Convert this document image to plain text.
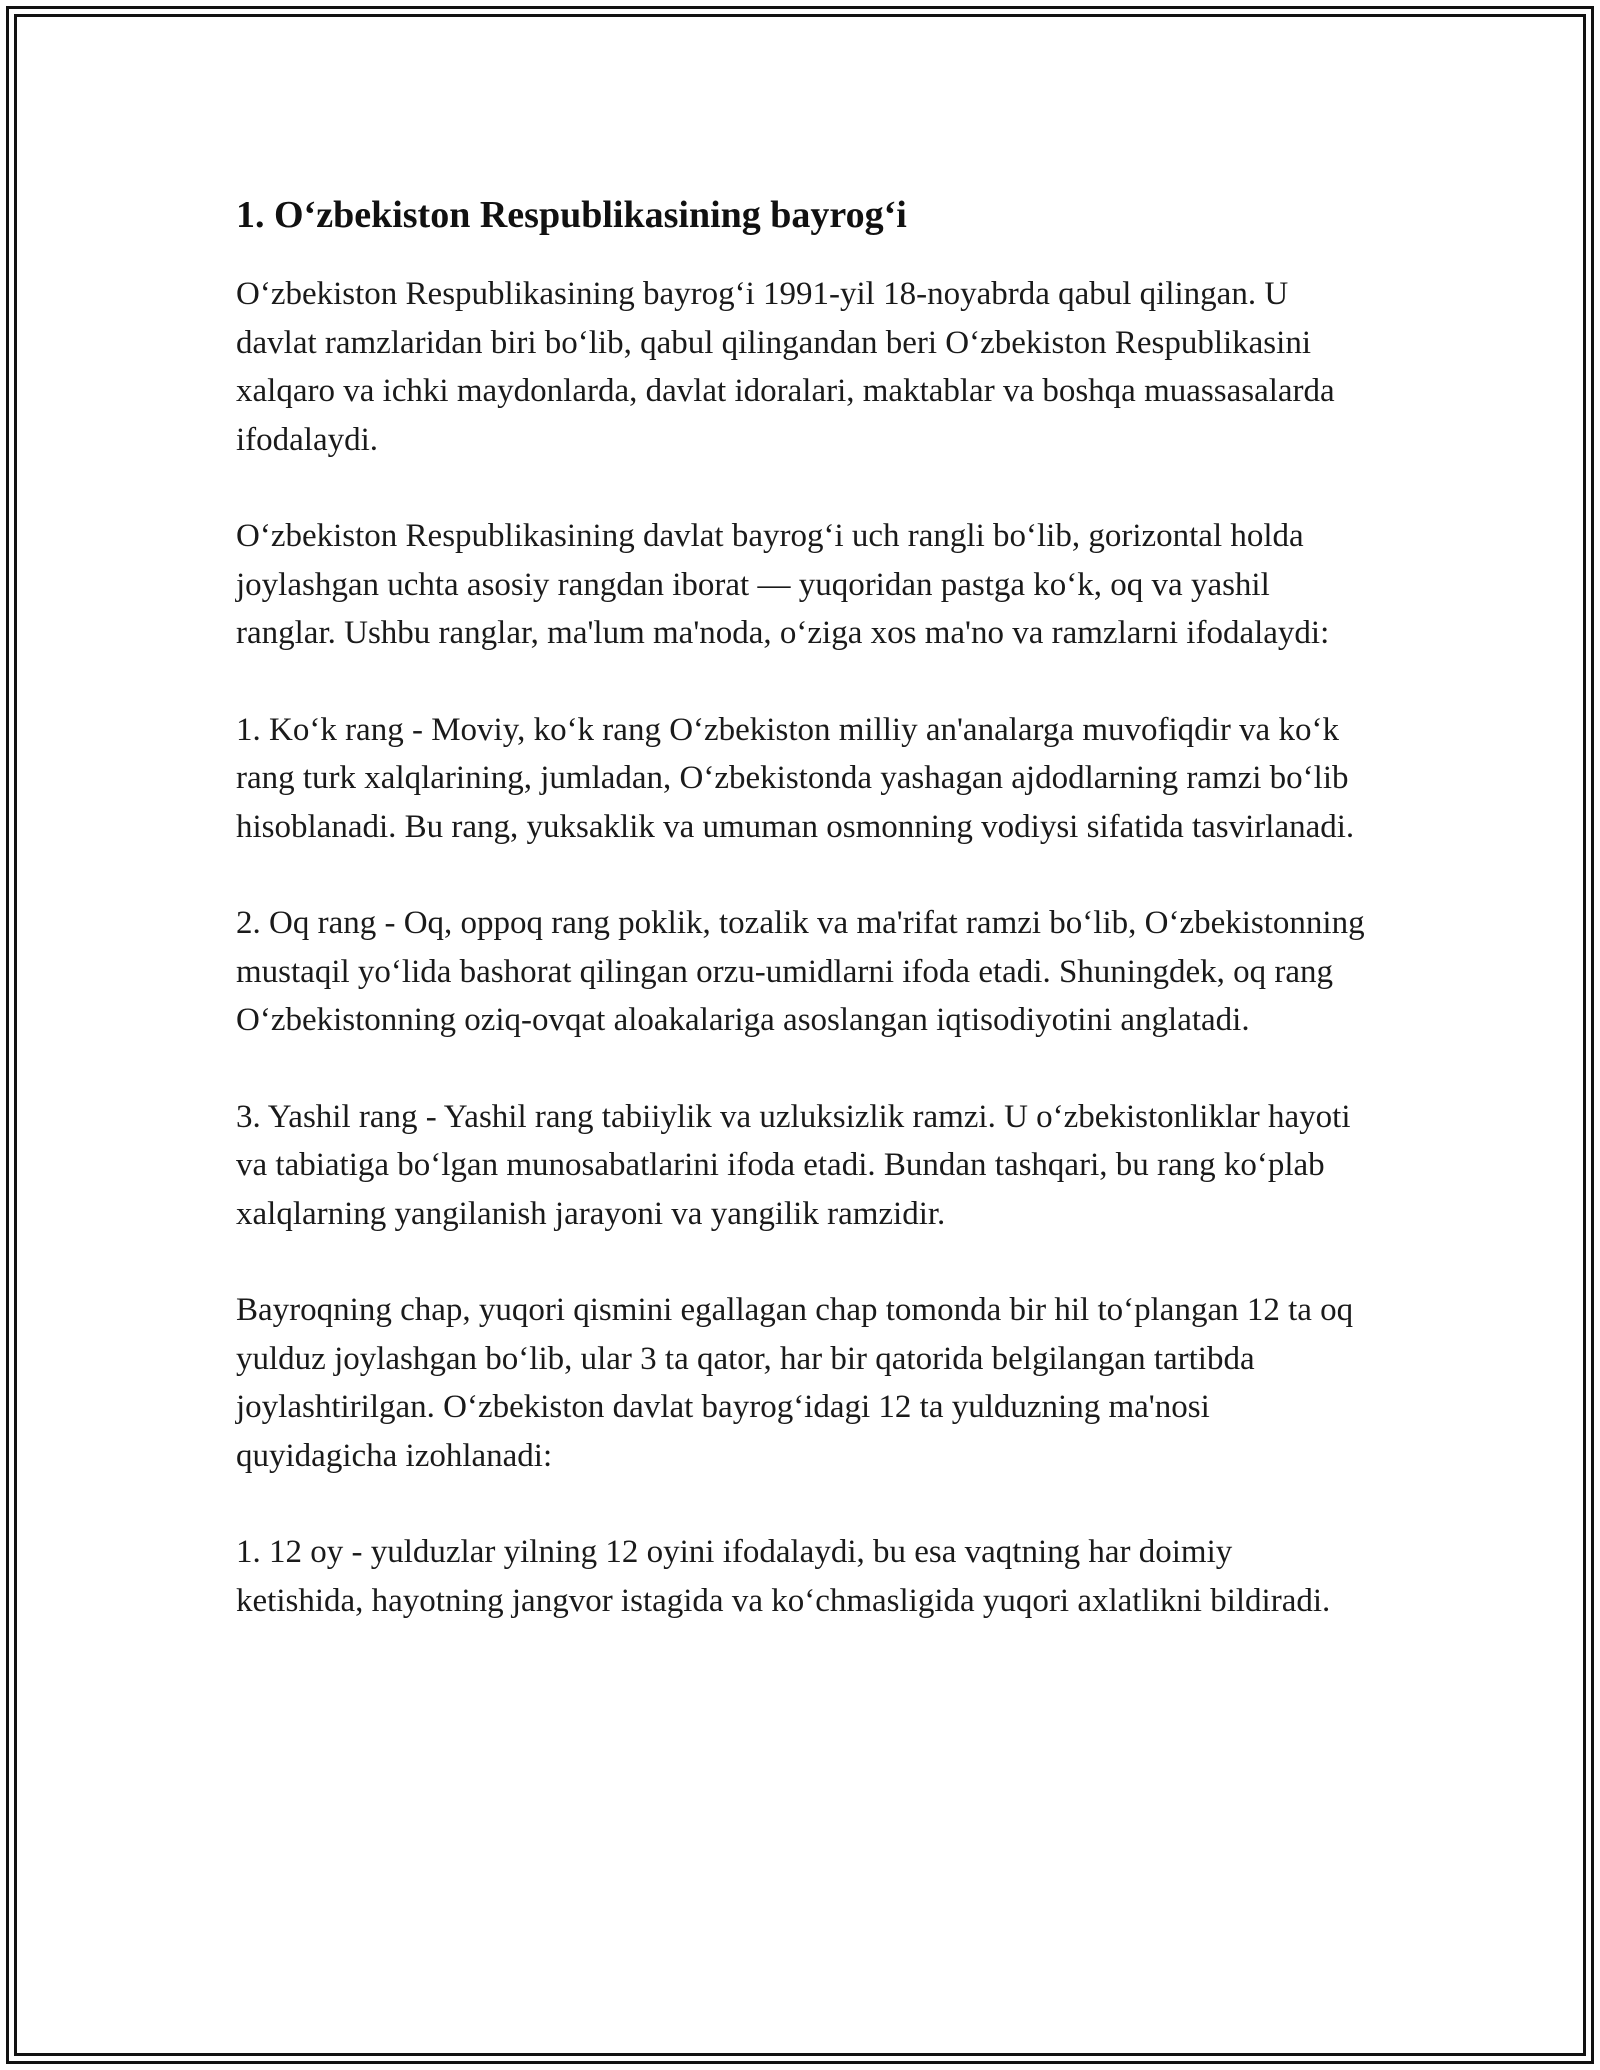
1. O‘zbekiston Respublikasining bayrog‘i

O‘zbekiston Respublikasining bayrog‘i 1991-yil 18-noyabrda qabul qilingan. U davlat ramzlaridan biri bo‘lib, qabul qilingandan beri O‘zbekiston Respublikasini xalqaro va ichki maydonlarda, davlat idoralari, maktablar va boshqa muassasalarda ifodalaydi.

O‘zbekiston Respublikasining davlat bayrog‘i uch rangli bo‘lib, gorizontal holda joylashgan uchta asosiy rangdan iborat — yuqoridan pastga ko‘k, oq va yashil ranglar. Ushbu ranglar, ma'lum ma'noda, o‘ziga xos ma'no va ramzlarni ifodalaydi:

1. Ko‘k rang - Moviy, ko‘k rang O‘zbekiston milliy an'analarga muvofiqdir va ko‘k rang turk xalqlarining, jumladan, O‘zbekistonda yashagan ajdodlarning ramzi bo‘lib hisoblanadi. Bu rang, yuksaklik va umuman osmonning vodiysi sifatida tasvirlanadi.

2. Oq rang - Oq, oppoq rang poklik, tozalik va ma'rifat ramzi bo‘lib, O‘zbekistonning mustaqil yo‘lida bashorat qilingan orzu-umidlarni ifoda etadi. Shuningdek, oq rang O‘zbekistonning oziq-ovqat aloakalariga asoslangan iqtisodiyotini anglatadi.

3. Yashil rang - Yashil rang tabiiylik va uzluksizlik ramzi. U o‘zbekistonliklar hayoti va tabiatiga bo‘lgan munosabatlarini ifoda etadi. Bundan tashqari, bu rang ko‘plab xalqlarning yangilanish jarayoni va yangilik ramzidir.

Bayroqning chap, yuqori qismini egallagan chap tomonda bir hil to‘plangan 12 ta oq yulduz joylashgan bo‘lib, ular 3 ta qator, har bir qatorida belgilangan tartibda joylashtirilgan. O‘zbekiston davlat bayrog‘idagi 12 ta yulduzning ma'nosi quyidagicha izohlanadi:

1. 12 oy - yulduzlar yilning 12 oyini ifodalaydi, bu esa vaqtning har doimiy ketishida, hayotning jangvor istagida va ko‘chmasligida yuqori axlatlikni bildiradi.
